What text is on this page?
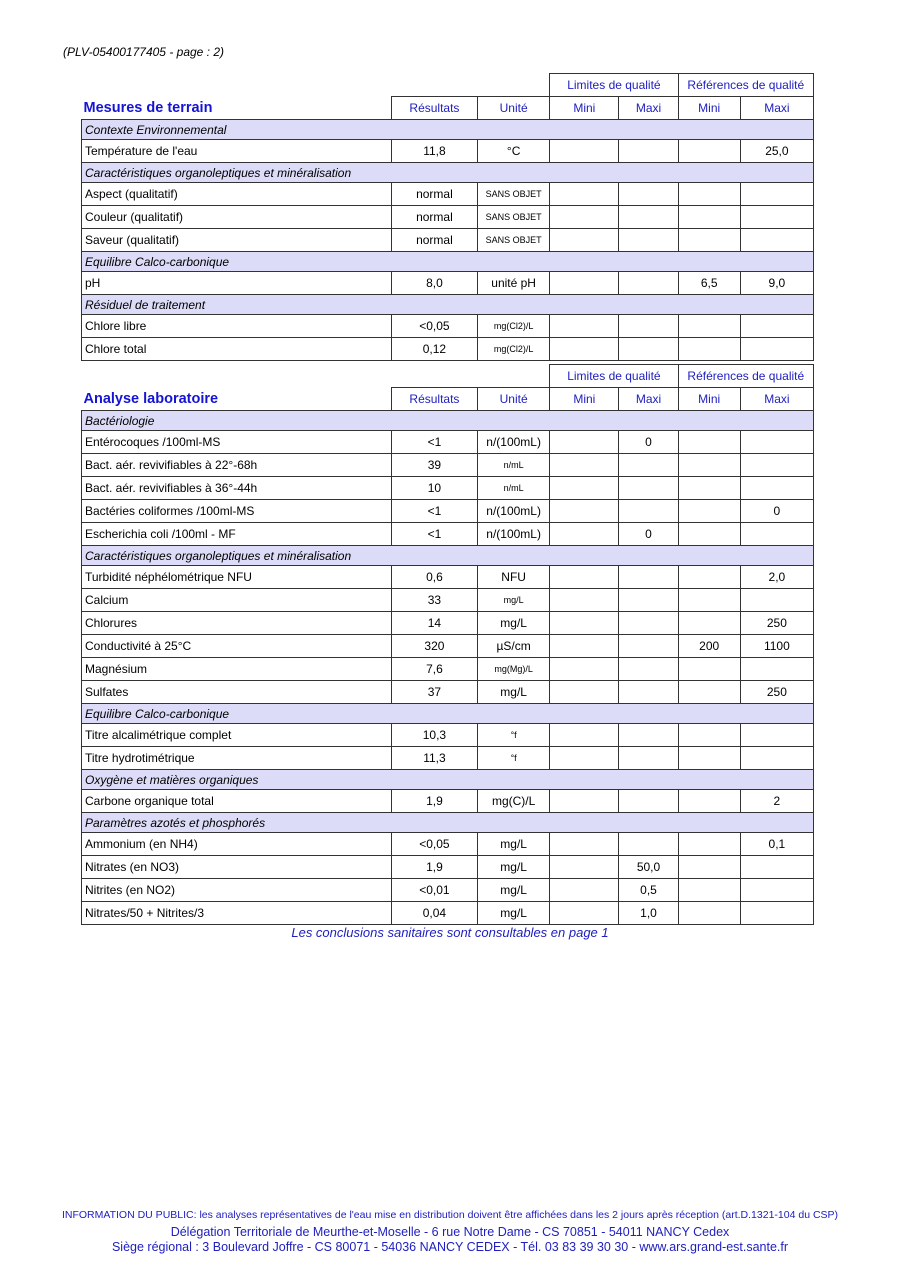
(PLV-05400177405 - page : 2)
			Limites de qualité		Références de qualité	
Mesures de terrain	Résultats	Unité	Mini	Maxi	Mini	Maxi
Contexte Environnemental						
Température de l'eau	11,8	°C				25,0
Caractéristiques organoleptiques et minéralisation						
Aspect (qualitatif)	normal	SANS OBJET				
Couleur (qualitatif)	normal	SANS OBJET				
Saveur (qualitatif)	normal	SANS OBJET				
Equilibre Calco-carbonique						
pH	8,0	unité pH			6,5	9,0
Résiduel de traitement						
Chlore libre	<0,05	mg(Cl2)/L				
Chlore total	0,12	mg(Cl2)/L				
			Limites de qualité		Références de qualité	
Analyse laboratoire	Résultats	Unité	Mini	Maxi	Mini	Maxi
Bactériologie						
Entérocoques /100ml-MS	<1	n/(100mL)		0		
Bact. aér. revivifiables à 22°-68h	39	n/mL				
Bact. aér. revivifiables à 36°-44h	10	n/mL				
Bactéries coliformes /100ml-MS	<1	n/(100mL)				0
Escherichia coli /100ml - MF	<1	n/(100mL)		0		
Caractéristiques organoleptiques et minéralisation						
Turbidité néphélométrique NFU	0,6	NFU				2,0
Calcium	33	mg/L				
Chlorures	14	mg/L				250
Conductivité à 25°C	320	µS/cm			200	1100
Magnésium	7,6	mg(Mg)/L				
Sulfates	37	mg/L				250
Equilibre Calco-carbonique						
Titre alcalimétrique complet	10,3	°f				
Titre hydrotimétrique	11,3	°f				
Oxygène et matières organiques						
Carbone organique total	1,9	mg(C)/L				2
Paramètres azotés et phosphorés						
Ammonium (en NH4)	<0,05	mg/L				0,1
Nitrates (en NO3)	1,9	mg/L		50,0		
Nitrites (en NO2)	<0,01	mg/L		0,5		
Nitrates/50 + Nitrites/3	0,04	mg/L		1,0		
Les conclusions sanitaires sont consultables en page 1
INFORMATION DU PUBLIC: les analyses représentatives de l'eau mise en distribution doivent être affichées dans les 2 jours après réception (art.D.1321-104 du CSP)
Délégation Territoriale de Meurthe-et-Moselle - 6 rue Notre Dame - CS 70851 - 54011 NANCY Cedex
Siège régional : 3 Boulevard Joffre - CS 80071 - 54036 NANCY CEDEX - Tél. 03 83 39 30 30 - www.ars.grand-est.sante.fr
